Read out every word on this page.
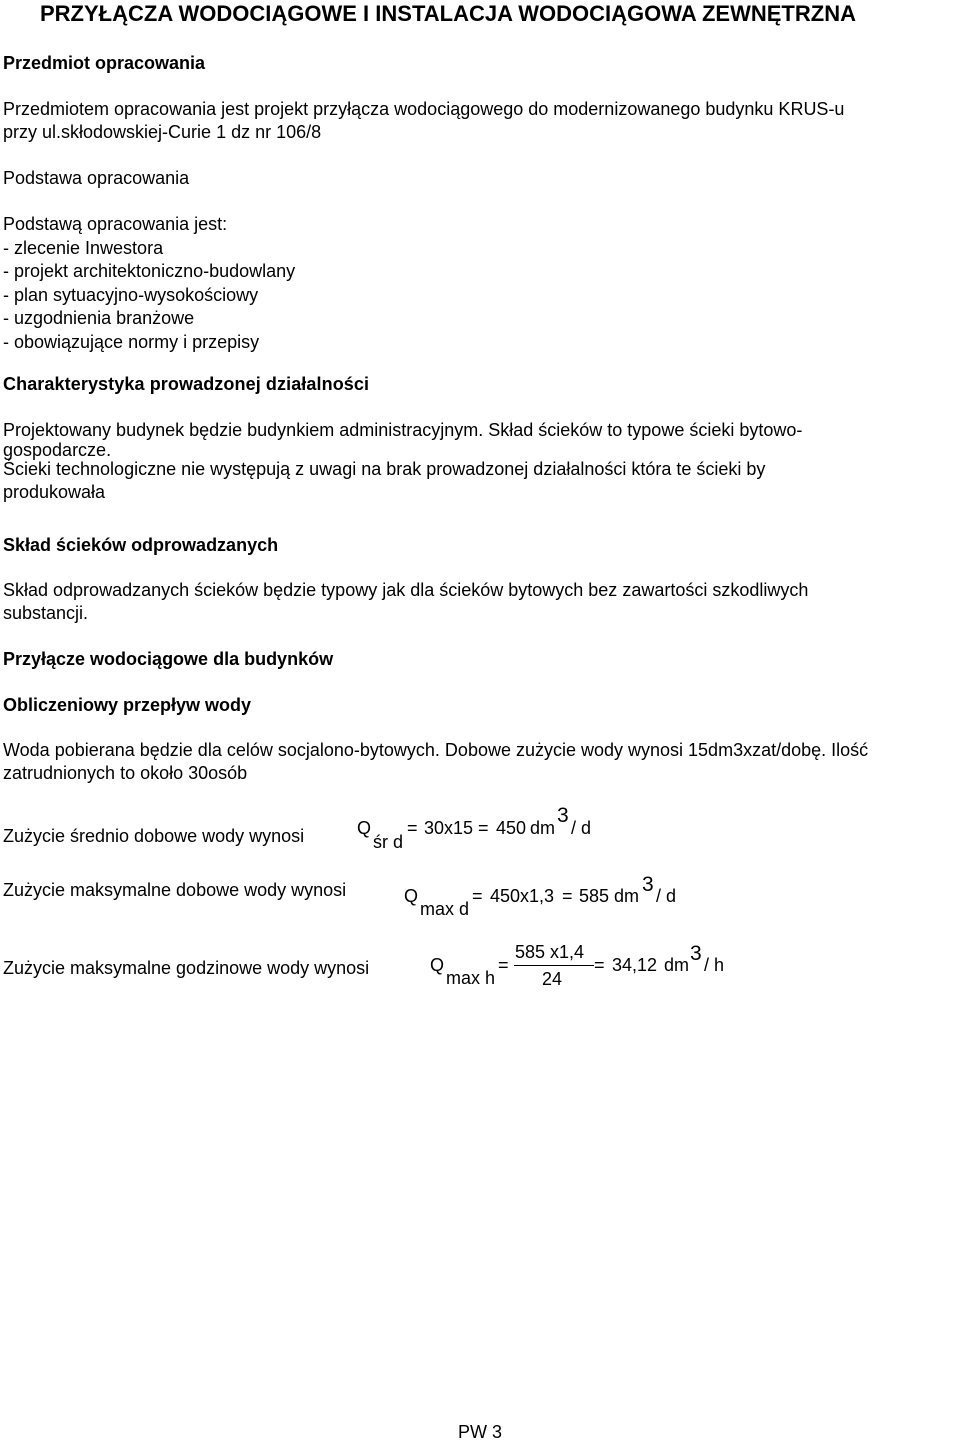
PRZYŁĄCZA WODOCIĄGOWE I INSTALACJA WODOCIĄGOWA ZEWNĘTRZNA
Przedmiot opracowania
Przedmiotem opracowania jest projekt przyłącza wodociągowego do modernizowanego budynku KRUS-u
przy ul.skłodowskiej-Curie 1 dz nr 106/8
Podstawa opracowania
Podstawą opracowania jest:
- zlecenie Inwestora
- projekt architektoniczno-budowlany
- plan sytuacyjno-wysokościowy
- uzgodnienia branżowe
- obowiązujące normy i przepisy
Charakterystyka prowadzonej działalności
Projektowany budynek będzie budynkiem administracyjnym. Skład ścieków to typowe ścieki bytowo-
gospodarcze.
Ścieki technologiczne nie występują z uwagi na brak prowadzonej działalności która te ścieki by
produkowała
Skład ścieków odprowadzanych
Skład odprowadzanych ścieków będzie typowy jak dla ścieków bytowych bez zawartości szkodliwych
substancji.
Przyłącze wodociągowe dla budynków
Obliczeniowy przepływ wody
Woda pobierana będzie dla celów socjalono-bytowych. Dobowe zużycie wody wynosi 15dm3xzat/dobę. Ilość
zatrudnionych to około 30osób
Zużycie średnio dobowe wody wynosi	Q
śr d
= 30x15 = 450 dm
3
/ d
Zużycie maksymalne dobowe wody wynosi	Q
max d
= 450x1,3 = 585 dm 3 / d
Zużycie maksymalne godzinowe wody wynosi	Q
max h
=
585 x1,4
24
= 34,12 dm 3 / h
PW 3
